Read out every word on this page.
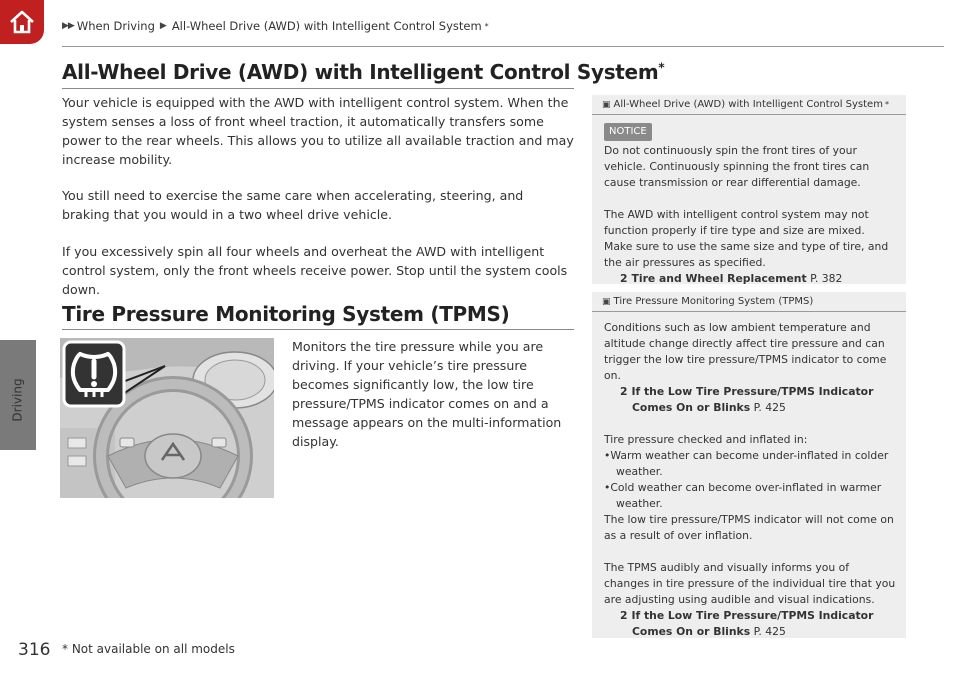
▶▶ When Driving ▶ All-Wheel Drive (AWD) with Intelligent Control System *
Driving
All-Wheel Drive (AWD) with Intelligent Control System*

Your vehicle is equipped with the AWD with intelligent control system. When the system senses a loss of front wheel traction, it automatically transfers some power to the rear wheels. This allows you to utilize all available traction and may increase mobility.

You still need to exercise the same care when accelerating, steering, and braking that you would in a two wheel drive vehicle.

If you excessively spin all four wheels and overheat the AWD with intelligent control system, only the front wheels receive power. Stop until the system cools down.

Tire Pressure Monitoring System (TPMS)

Monitors the tire pressure while you are driving. If your vehicle’s tire pressure becomes significantly low, the low tire pressure/TPMS indicator comes on and a message appears on the multi-information display.

▣ All-Wheel Drive (AWD) with Intelligent Control System *
NOTICE
Do not continuously spin the front tires of your vehicle. Continuously spinning the front tires can cause transmission or rear differential damage.
The AWD with intelligent control system may not function properly if tire type and size are mixed. Make sure to use the same size and type of tire, and the air pressures as specified.
2 Tire and Wheel Replacement P. 382
▣ Tire Pressure Monitoring System (TPMS)
Conditions such as low ambient temperature and altitude change directly affect tire pressure and can trigger the low tire pressure/TPMS indicator to come on.
2 If the Low Tire Pressure/TPMS Indicator
Comes On or Blinks P. 425
Tire pressure checked and inflated in:
•Warm weather can become under-inflated in colder weather.
•Cold weather can become over-inflated in warmer weather.
The low tire pressure/TPMS indicator will not come on as a result of over inflation.
The TPMS audibly and visually informs you of changes in tire pressure of the individual tire that you are adjusting using audible and visual indications.
2 If the Low Tire Pressure/TPMS Indicator
Comes On or Blinks P. 425
316 * Not available on all models
